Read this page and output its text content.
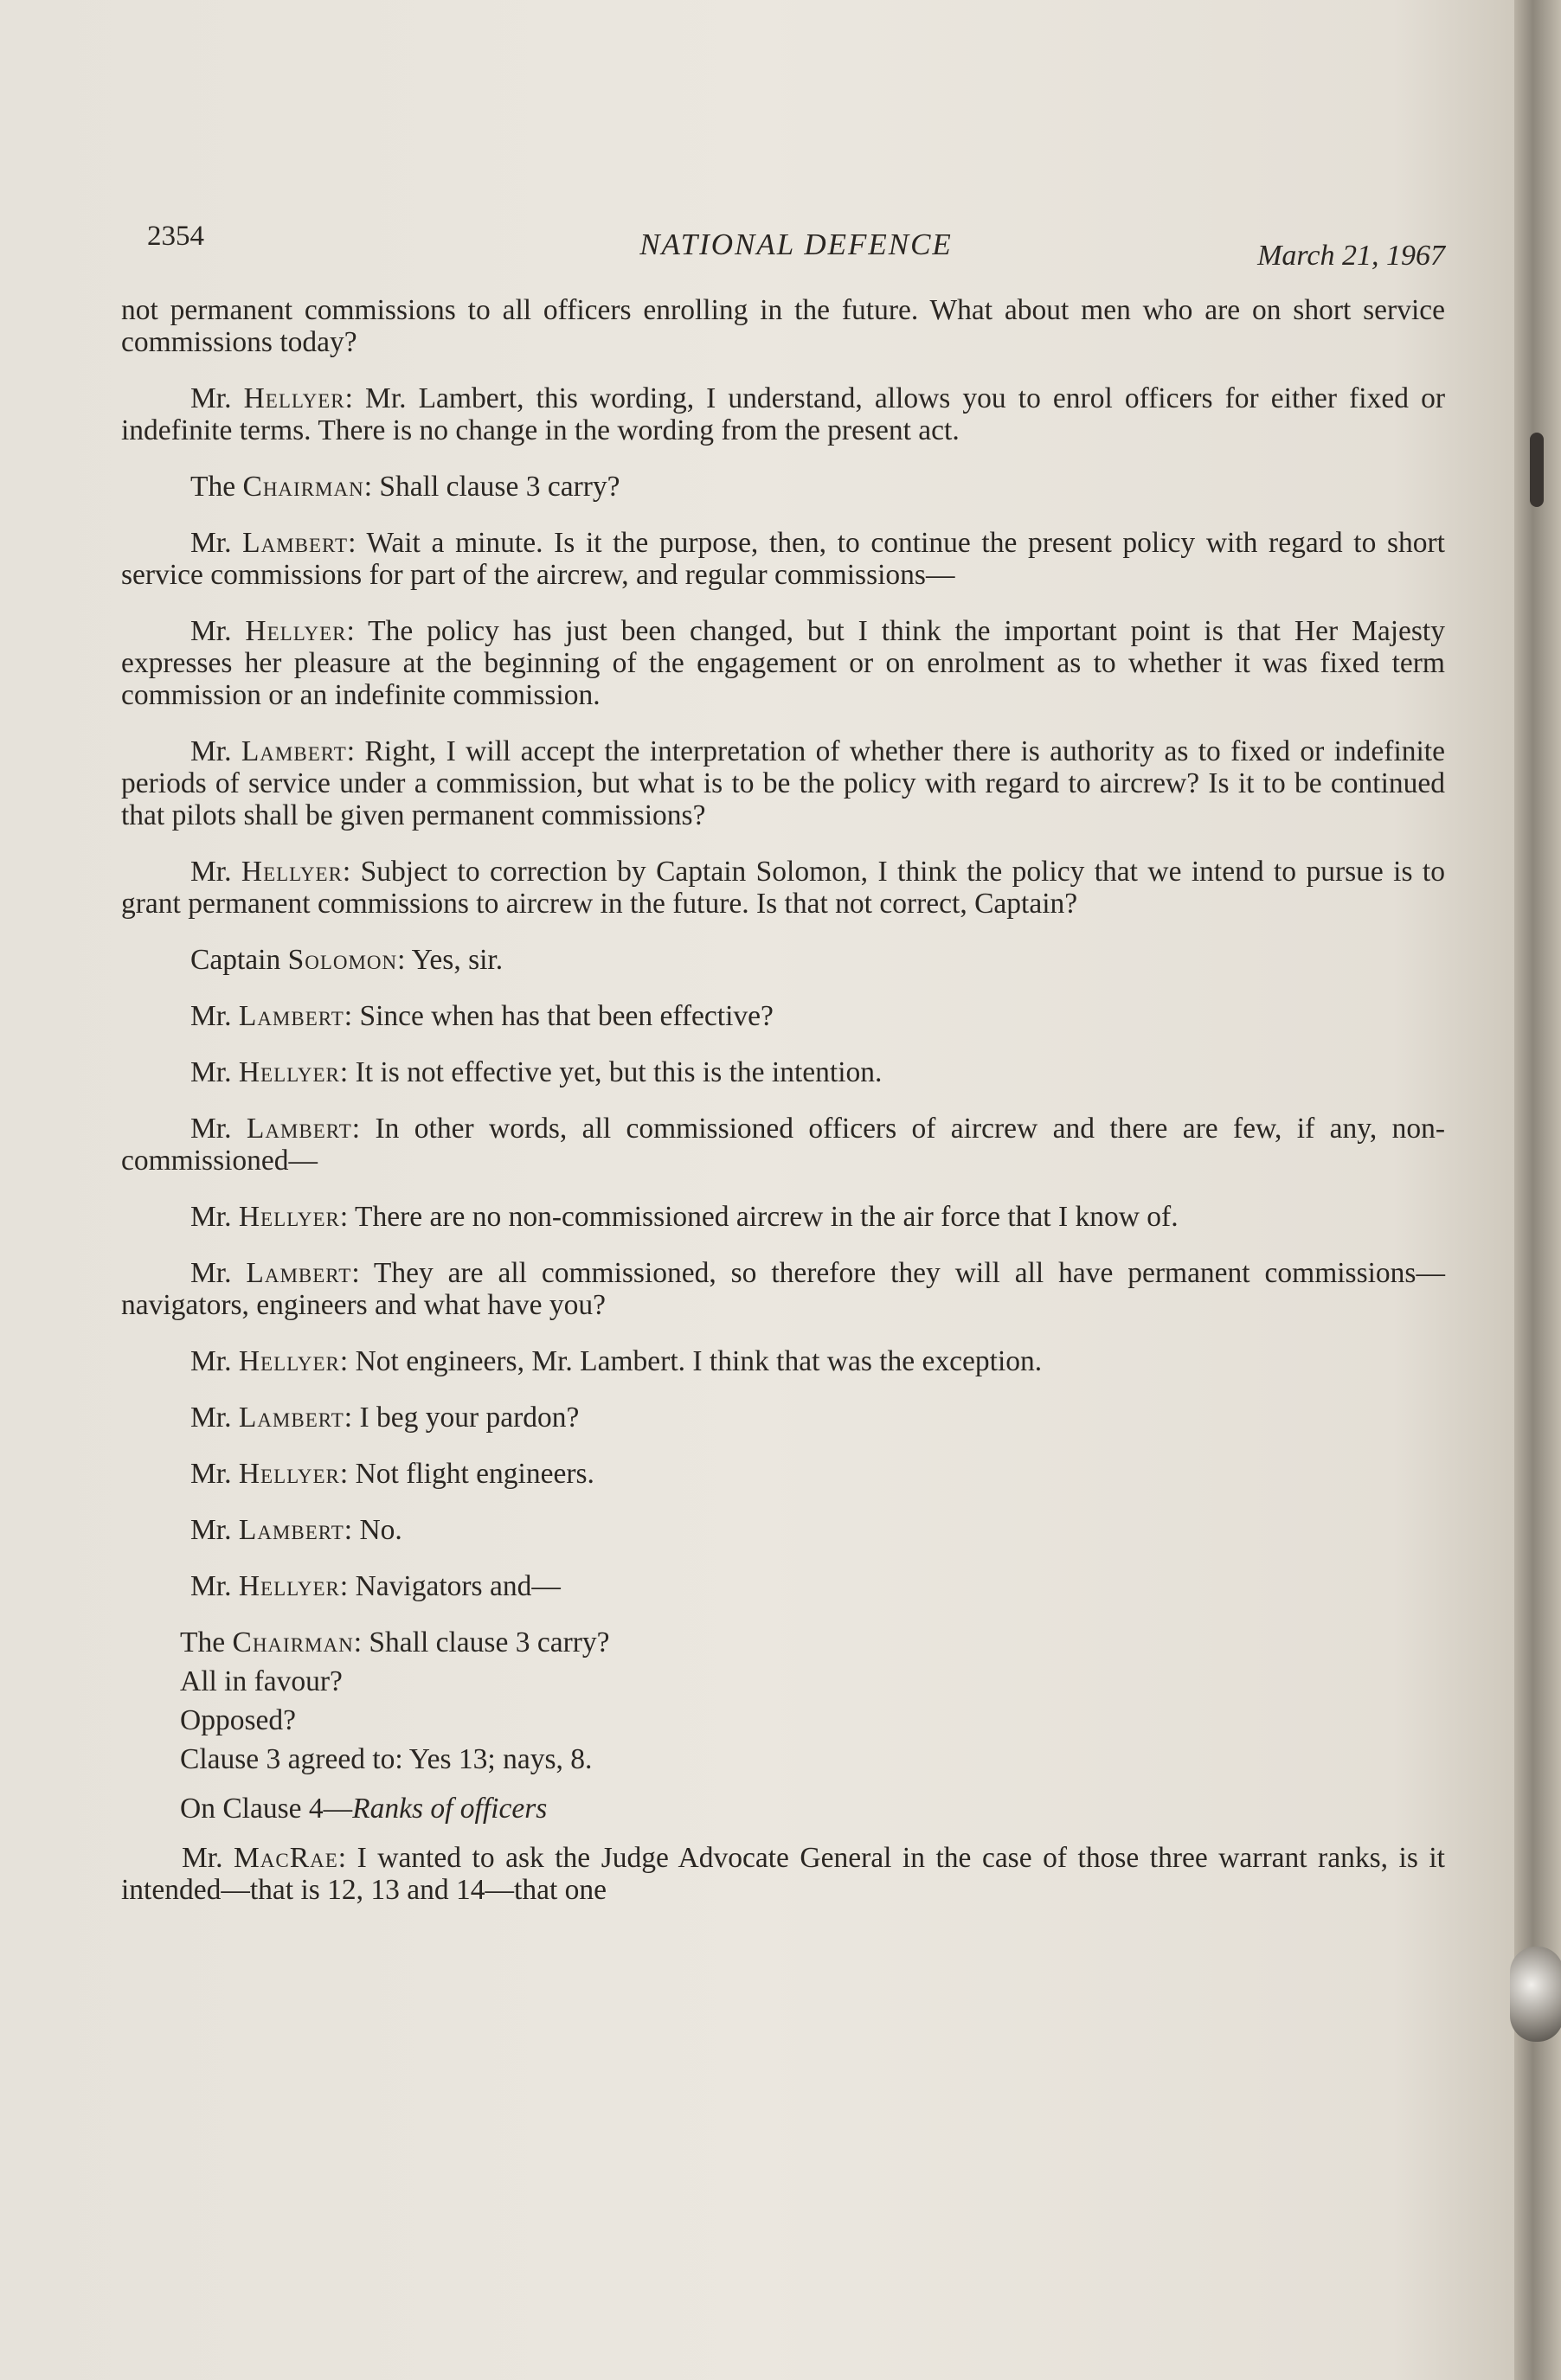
2354	NATIONAL DEFENCE	March 21, 1967

not permanent commissions to all officers enrolling in the future. What about men who are on short service commissions today?

Mr. Hellyer: Mr. Lambert, this wording, I understand, allows you to enrol officers for either fixed or indefinite terms. There is no change in the wording from the present act.

The Chairman: Shall clause 3 carry?

Mr. Lambert: Wait a minute. Is it the purpose, then, to continue the present policy with regard to short service commissions for part of the aircrew, and regular commissions—

Mr. Hellyer: The policy has just been changed, but I think the important point is that Her Majesty expresses her pleasure at the beginning of the engagement or on enrolment as to whether it was fixed term commission or an indefinite commission.

Mr. Lambert: Right, I will accept the interpretation of whether there is authority as to fixed or indefinite periods of service under a commission, but what is to be the policy with regard to aircrew? Is it to be continued that pilots shall be given permanent commissions?

Mr. Hellyer: Subject to correction by Captain Solomon, I think the policy that we intend to pursue is to grant permanent commissions to aircrew in the future. Is that not correct, Captain?

Captain Solomon: Yes, sir.

Mr. Lambert: Since when has that been effective?

Mr. Hellyer: It is not effective yet, but this is the intention.

Mr. Lambert: In other words, all commissioned officers of aircrew and there are few, if any, non-commissioned—

Mr. Hellyer: There are no non-commissioned aircrew in the air force that I know of.

Mr. Lambert: They are all commissioned, so therefore they will all have permanent commissions—navigators, engineers and what have you?

Mr. Hellyer: Not engineers, Mr. Lambert. I think that was the exception.

Mr. Lambert: I beg your pardon?

Mr. Hellyer: Not flight engineers.

Mr. Lambert: No.

Mr. Hellyer: Navigators and—

The Chairman: Shall clause 3 carry?

All in favour?

Opposed?

Clause 3 agreed to: Yes 13; nays, 8.

On Clause 4—Ranks of officers

Mr. MacRae: I wanted to ask the Judge Advocate General in the case of those three warrant ranks, is it intended—that is 12, 13 and 14—that one
